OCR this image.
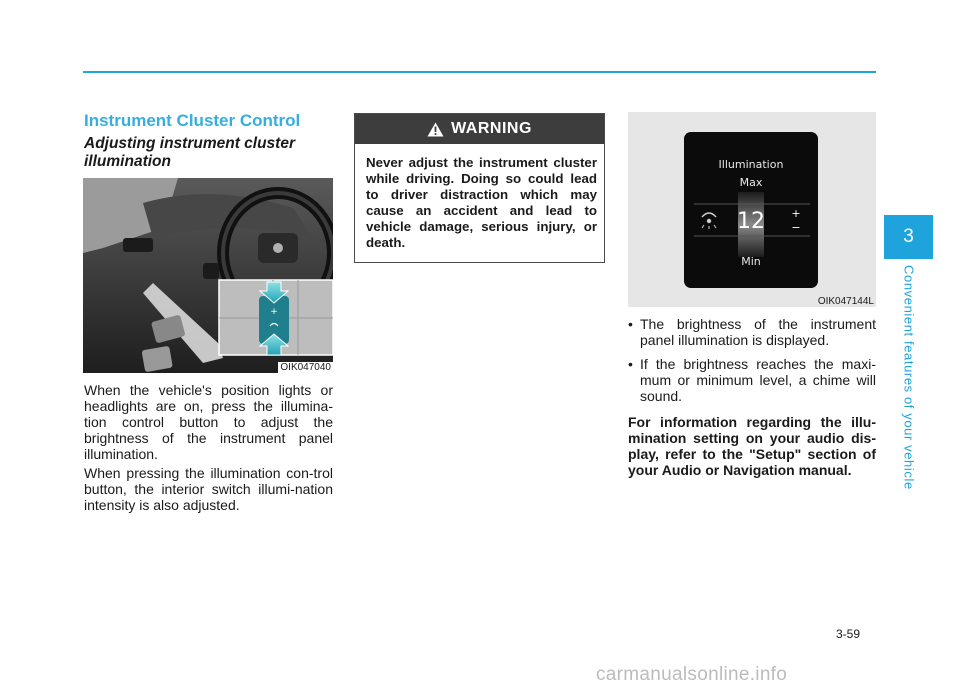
Instrument Cluster Control
Adjusting instrument cluster illumination
+
OIK047040
When the vehicle's position lights or headlights are on, press the illumina-tion control button to adjust the brightness of the instrument panel illumination.
When pressing the illumination con-trol button, the interior switch illumi-nation intensity is also adjusted.
WARNING
Never adjust the instrument cluster while driving. Doing so could lead to driver distraction which may cause an accident and lead to vehicle damage, serious injury, or death.
Illumination
Max
12 +
−
Min
OIK047144L
• The brightness of the instrument panel illumination is displayed.
• If the brightness reaches the maxi-mum or minimum level, a chime will sound.
For information regarding the illu-mination setting on your audio dis-play, refer to the "Setup" section of your Audio or Navigation manual.
3
Convenient features of your vehicle
3-59
carmanualsonline.info
